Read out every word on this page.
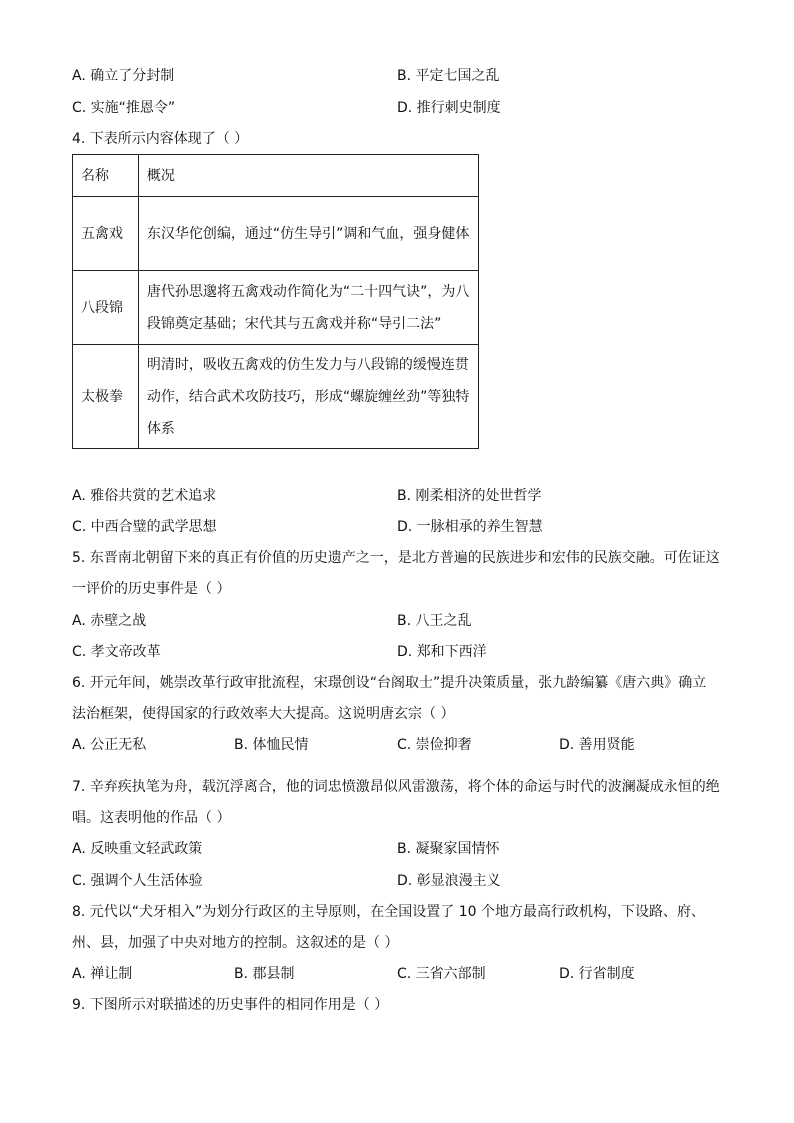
A. 确立了分封制	B. 平定七国之乱
C. 实施“推恩令”	D. 推行刺史制度
4. 下表所示内容体现了（ ）
名称	概况
五禽戏	东汉华佗创编，通过“仿生导引”调和气血，强身健体
八段锦	唐代孙思邈将五禽戏动作简化为“二十四气诀”，为八段锦奠定基础；宋代其与五禽戏并称“导引二法”
太极拳	明清时，吸收五禽戏的仿生发力与八段锦的缓慢连贯动作，结合武术攻防技巧，形成“螺旋缠丝劲”等独特体系
A. 雅俗共赏的艺术追求	B. 刚柔相济的处世哲学
C. 中西合璧的武学思想	D. 一脉相承的养生智慧
5. 东晋南北朝留下来的真正有价值的历史遗产之一，是北方普遍的民族进步和宏伟的民族交融。可佐证这
一评价的历史事件是（ ）
A. 赤壁之战	B. 八王之乱
C. 孝文帝改革	D. 郑和下西洋
6. 开元年间，姚崇改革行政审批流程，宋璟创设“台阁取士”提升决策质量，张九龄编纂《唐六典》确立
法治框架，使得国家的行政效率大大提高。这说明唐玄宗（ ）
A. 公正无私	B. 体恤民情	C. 崇俭抑奢	D. 善用贤能
7. 辛弃疾执笔为舟，载沉浮离合，他的词忠愤激昂似风雷激荡，将个体的命运与时代的波澜凝成永恒的绝
唱。这表明他的作品（ ）
A. 反映重文轻武政策	B. 凝聚家国情怀
C. 强调个人生活体验	D. 彰显浪漫主义
8. 元代以“犬牙相入”为划分行政区的主导原则，在全国设置了 10 个地方最高行政机构，下设路、府、
州、县，加强了中央对地方的控制。这叙述的是（ ）
A. 禅让制	B. 郡县制	C. 三省六部制	D. 行省制度
9. 下图所示对联描述的历史事件的相同作用是（ ）
